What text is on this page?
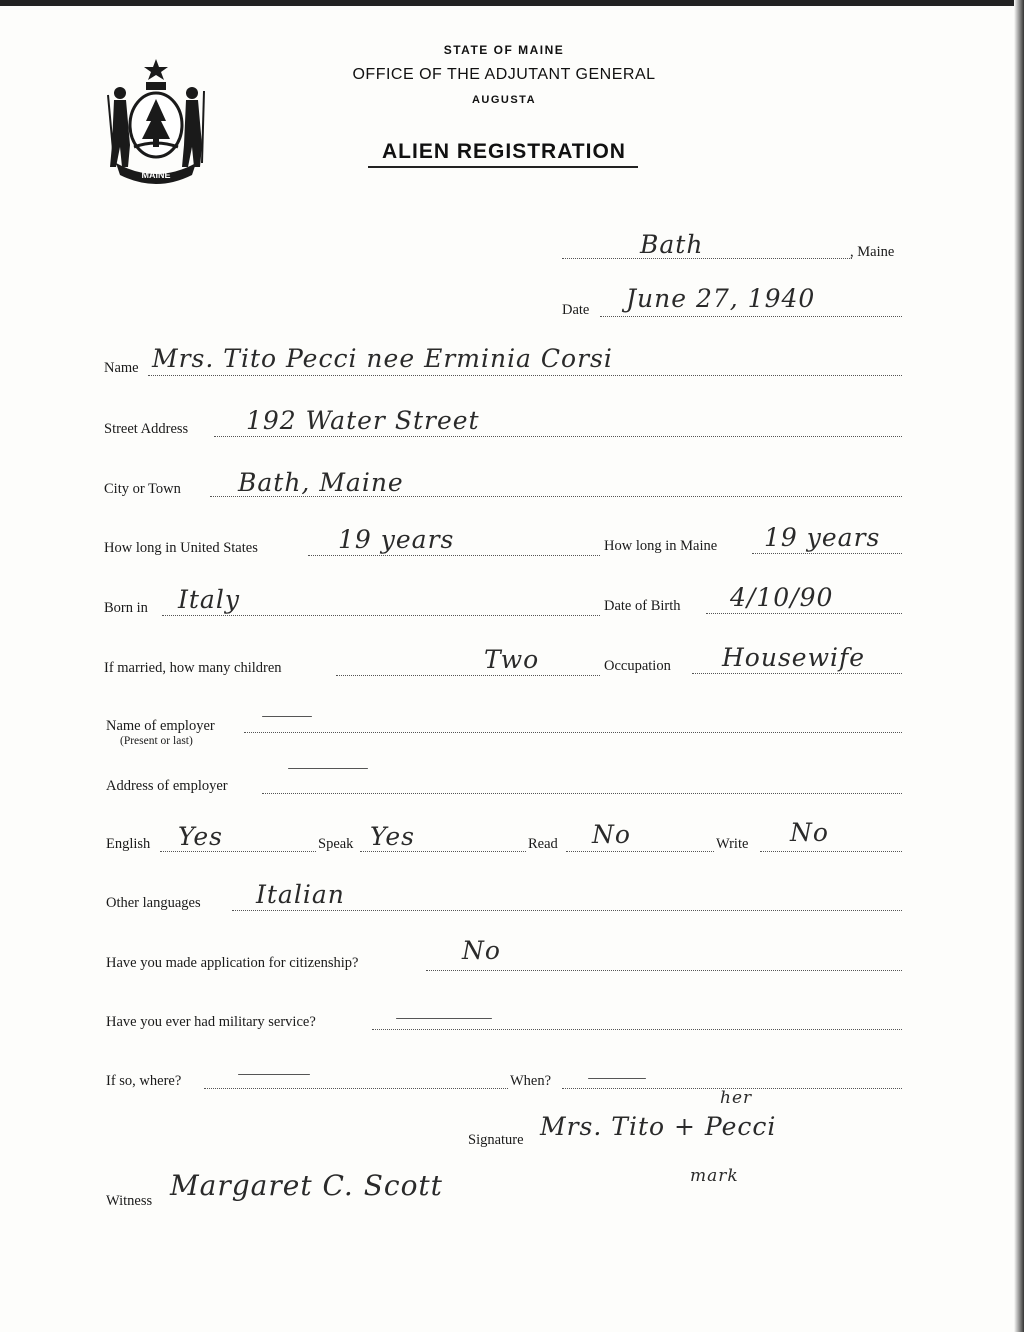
MAINE
STATE OF MAINE
OFFICE OF THE ADJUTANT GENERAL
AUGUSTA
ALIEN REGISTRATION
Bath	, Maine
Date June 27, 1940
Name Mrs. Tito Pecci nee Erminia Corsi
Street Address 192 Water Street
City or Town Bath, Maine
How long in United States	19 years	How long in Maine 19 years
Born in Italy	Date of Birth 4/10/90
If married, how many children	Two	Occupation Housewife
Name of employer
(Present or last)
Address of employer
English Yes	Speak Yes	Read No	Write No
Other languages Italian
Have you made application for citizenship?	No
Have you ever had military service?
If so, where?	When?
her
Signature Mrs. Tito + Pecci
mark
Witness Margaret C. Scott
